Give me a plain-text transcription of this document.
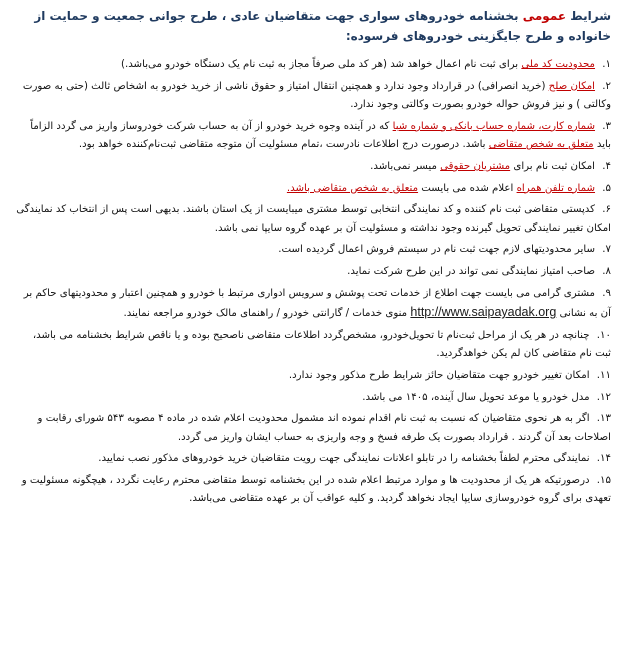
شرایط عمومی بخشنامه خودروهای سواری جهت متقاضیان عادی ، طرح جوانی جمعیت و حمایت از خانواده و طرح جایگزینی خودروهای فرسوده:
۱. محدودیت کد ملی برای ثبت نام اعمال خواهد شد (هر کد ملی صرفاً مجاز به ثبت نام یک دستگاه خودرو می‌باشد.)
۲. امکان صلح (خرید انصرافی) در قرارداد وجود ندارد و همچنین انتقال امتیاز و حقوق ناشی از خرید خودرو به اشخاص ثالث (حتی به صورت وکالتی ) و نیز فروش حواله خودرو بصورت وکالتی وجود ندارد.
۳. شماره کارت، شماره حساب بانکی و شماره شبا که در آینده وجوه خرید خودرو از آن به حساب شرکت خودروساز واریز می گردد الزاماً باید متعلق به شخص متقاضی باشد. درصورت درج اطلاعات نادرست ،تمام مسئولیت آن متوجه متقاضی ثبت‌نام‌کننده خواهد بود.
۴. امکان ثبت نام برای مشتریان حقوقی میسر نمی‌باشد.
۵. شماره تلفن همراه اعلام شده می بایست متعلق به شخص متقاضی باشد.
۶. کدپستی متقاضی ثبت نام کننده و کد نمایندگی انتخابی توسط مشتری میبایست از یک استان باشند. بدیهی است پس از انتخاب کد نمایندگی امکان تغییر نمایندگی تحویل گیرنده وجود نداشته و مسئولیت آن بر عهده گروه سایپا نمی باشد.
۷. سایر محدودیتهای لازم جهت ثبت نام در سیستم فروش اعمال گردیده است.
۸. صاحب امتیاز نمایندگی نمی تواند در این طرح شرکت نماید.
۹. مشتری گرامی می بایست جهت اطلاع از خدمات تحت پوشش و سرویس ادواری مرتبط با خودرو و همچنین اعتبار و محدودیتهای حاکم بر آن به نشانی http://www.saipayadak.org منوی خدمات / گارانتی خودرو / راهنمای مالک خودرو مراجعه نمایند.
۱۰. چنانچه در هر یک از مراحل ثبت‌نام تا تحویل‌خودرو، مشخص‌گردد اطلاعات متقاضی ناصحیح بوده و یا ناقص شرایط بخشنامه می باشد، ثبت نام متقاضی کان لم یکن خواهدگردید.
۱۱. امکان تغییر خودرو جهت متقاضیان حائز شرایط طرح مذکور وجود ندارد.
۱۲. مدل خودرو یا موعد تحویل سال آینده، ۱۴۰۵ می باشد.
۱۳. اگر به هر نحوی متقاضیان که نسبت به ثبت نام اقدام نموده اند مشمول محدودیت اعلام شده در ماده ۴ مصوبه ۵۴۳ شورای رقابت و اصلاحات بعد آن گردند . قرارداد بصورت یک طرفه فسخ و وجه واریزی به حساب ایشان واریز می گردد.
۱۴. نمایندگی محترم لطفاً بخشنامه را در تابلو اعلانات نمایندگی جهت رویت متقاضیان خرید خودروهای مذکور نصب نمایید.
۱۵. درصورتیکه هر یک از محدودیت ها و موارد مرتبط اعلام شده در این بخشنامه توسط متقاضی محترم رعایت نگردد ، هیچگونه مسئولیت و تعهدی برای گروه خودروسازی سایپا ایجاد نخواهد گردید. و کلیه عواقب آن بر عهده متقاضی می‌باشد.
